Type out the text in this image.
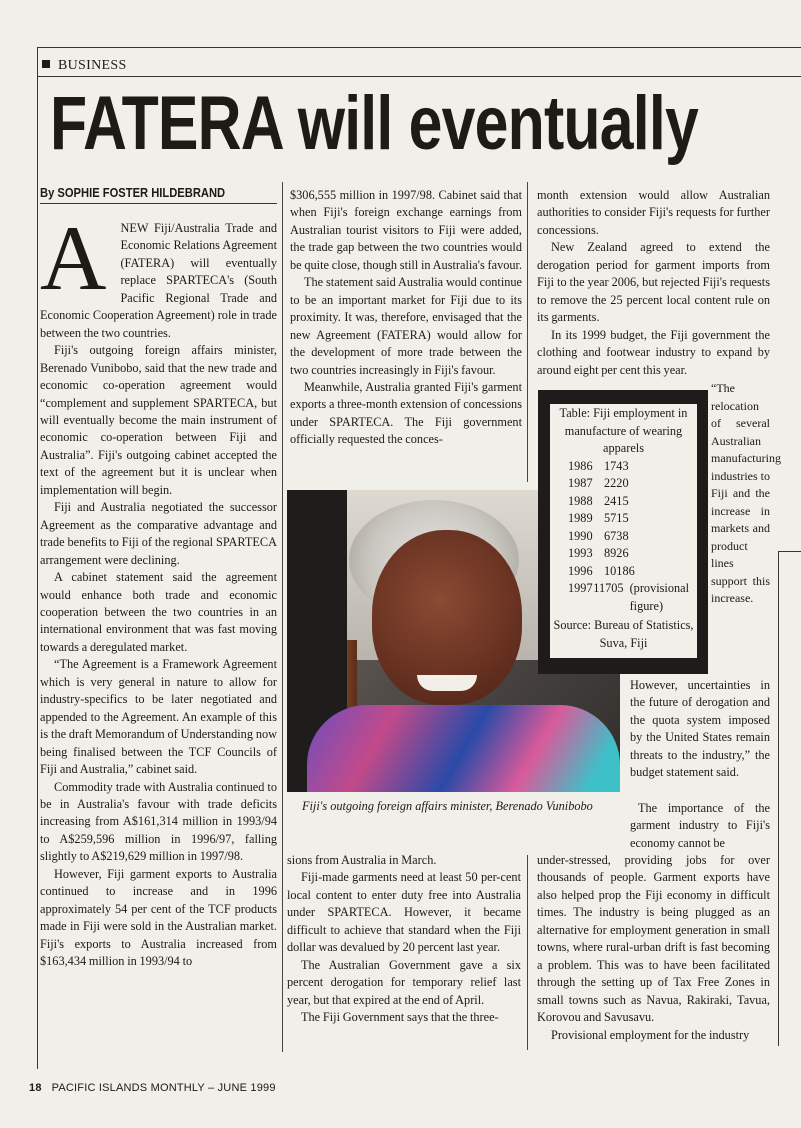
BUSINESS
FATERA will eventually
By SOPHIE FOSTER HILDEBRAND

A NEW Fiji/Australia Trade and Economic Relations Agreement (FATERA) will eventually replace SPARTECA's (South Pacific Regional Trade and Economic Cooperation Agreement) role in trade between the two countries.

Fiji's outgoing foreign affairs minister, Berenado Vunibobo, said that the new trade and economic co-operation agreement would “complement and supplement SPARTECA, but will eventually become the main instrument of economic co-operation between Fiji and Australia”. Fiji's outgoing cabinet accepted the text of the agreement but it is unclear when implementation will begin.

Fiji and Australia negotiated the successor Agreement as the comparative advantage and trade benefits to Fiji of the regional SPARTECA arrangement were declining.

A cabinet statement said the agreement would enhance both trade and economic cooperation between the two countries in an international environment that was fast moving towards a deregulated market.

“The Agreement is a Framework Agreement which is very general in nature to allow for industry-specifics to be later negotiated and appended to the Agreement. An example of this is the draft Memorandum of Understanding now being finalised between the TCF Councils of Fiji and Australia,” cabinet said.

Commodity trade with Australia continued to be in Australia's favour with trade deficits increasing from A$161,314 million in 1993/94 to A$259,596 million in 1996/97, falling slightly to A$219,629 million in 1997/98.

However, Fiji garment exports to Australia continued to increase and in 1996 approximately 54 per cent of the TCF products made in Fiji were sold in the Australian market. Fiji's exports to Australia increased from $163,434 million in 1993/94 to

$306,555 million in 1997/98. Cabinet said that when Fiji's foreign exchange earnings from Australian tourist visitors to Fiji were added, the trade gap between the two countries would be quite close, though still in Australia's favour.

The statement said Australia would continue to be an important market for Fiji due to its proximity. It was, therefore, envisaged that the new Agreement (FATERA) would allow for the development of more trade between the two countries increasingly in Fiji's favour.

Meanwhile, Australia granted Fiji's garment exports a three-month extension of concessions under SPARTECA. The Fiji government officially requested the conces-

Fiji's outgoing foreign affairs minister, Berenado Vunibobo

sions from Australia in March.

Fiji-made garments need at least 50 per-cent local content to enter duty free into Australia under SPARTECA. However, it became difficult to achieve that standard when the Fiji dollar was devalued by 20 percent last year.

The Australian Government gave a six percent derogation for temporary relief last year, but that expired at the end of April.

The Fiji Government says that the three-

month extension would allow Australian authorities to consider Fiji's requests for further concessions.

New Zealand agreed to extend the derogation period for garment imports from Fiji to the year 2006, but rejected Fiji's requests to remove the 25 percent local content rule on its garments.

In its 1999 budget, the Fiji government the clothing and footwear industry to expand by around eight per cent this year.

Table: Fiji employment in manufacture of wearing apparels
1986 1743
1987 2220
1988 2415
1989 5715
1990 6738
1993 8926
1996 10186
1997 11705 (provisional figure)
Source: Bureau of Statistics, Suva, Fiji
“The relocation of several Australian manufacturing industries to Fiji and the increase in markets and product lines support this increase.
However, uncertainties in the future of derogation and the quota system imposed by the United States remain threats to the industry,” the budget statement said.
The importance of the garment industry to Fiji's economy cannot be

under-stressed, providing jobs for over thousands of people. Garment exports have also helped prop the Fiji economy in difficult times. The industry is being plugged as an alternative for employment generation in small towns, where rural-urban drift is fast becoming a problem. This was to have been facilitated through the setting up of Tax Free Zones in small towns such as Navua, Rakiraki, Tavua, Korovou and Savusavu.

Provisional employment for the industry

18 PACIFIC ISLANDS MONTHLY – JUNE 1999
